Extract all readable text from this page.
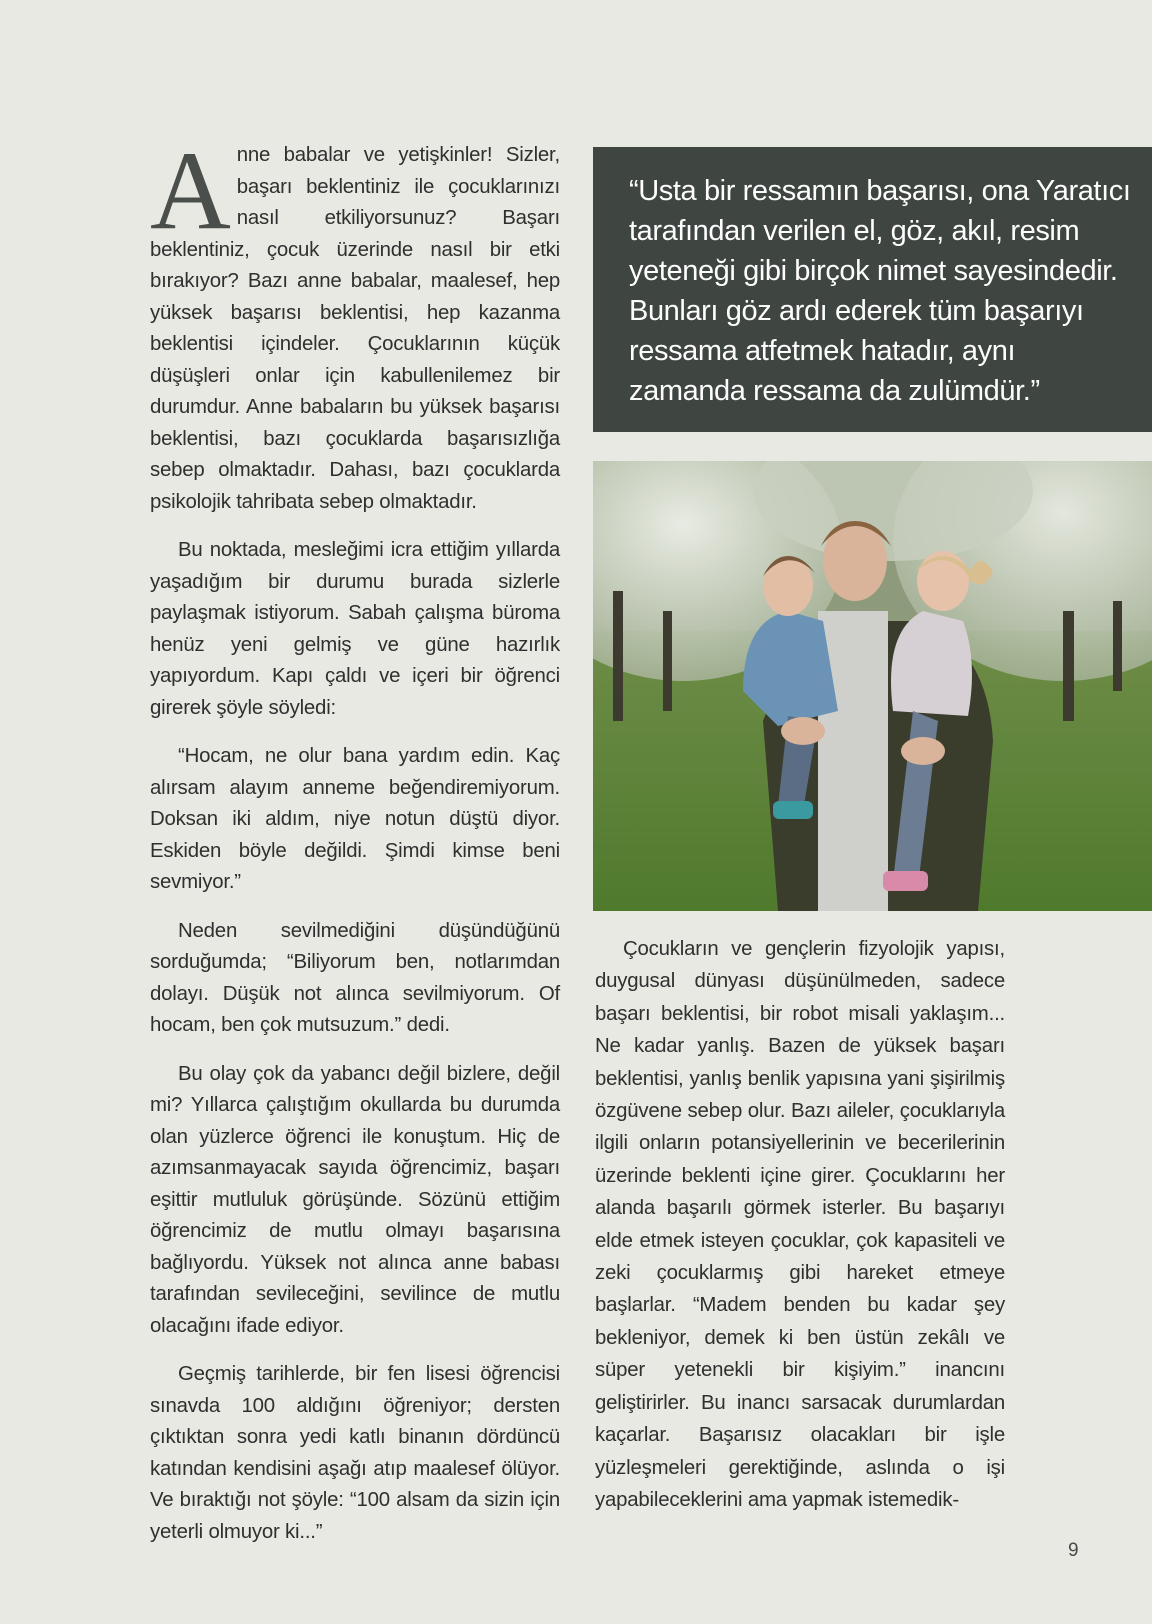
Anne babalar ve yetişkinler! Sizler, başarı beklentiniz ile çocuklarınızı nasıl etkiliyorsunuz? Başarı beklentiniz, çocuk üzerinde nasıl bir etki bırakıyor? Bazı anne babalar, maalesef, hep yüksek başarısı beklentisi, hep kazanma beklentisi içindeler. Çocuklarının küçük düşüşleri onlar için kabullenilemez bir durumdur. Anne babaların bu yüksek başarısı beklentisi, bazı çocuklarda başarısızlığa sebep olmaktadır. Dahası, bazı çocuklarda psikolojik tahribata sebep olmaktadır.

Bu noktada, mesleğimi icra ettiğim yıllarda yaşadığım bir durumu burada sizlerle paylaşmak istiyorum. Sabah çalışma büroma henüz yeni gelmiş ve güne hazırlık yapıyordum. Kapı çaldı ve içeri bir öğrenci girerek şöyle söyledi:

“Hocam, ne olur bana yardım edin. Kaç alırsam alayım anneme beğendiremiyorum. Doksan iki aldım, niye notun düştü diyor. Eskiden böyle değildi. Şimdi kimse beni sevmiyor.”

Neden sevilmediğini düşündüğünü sorduğumda; “Biliyorum ben, notlarımdan dolayı. Düşük not alınca sevilmiyorum. Of hocam, ben çok mutsuzum.” dedi.

Bu olay çok da yabancı değil bizlere, değil mi? Yıllarca çalıştığım okullarda bu durumda olan yüzlerce öğrenci ile konuştum. Hiç de azımsanmayacak sayıda öğrencimiz, başarı eşittir mutluluk görüşünde. Sözünü ettiğim öğrencimiz de mutlu olmayı başarısına bağlıyordu. Yüksek not alınca anne babası tarafından sevileceğini, sevilince de mutlu olacağını ifade ediyor.

Geçmiş tarihlerde, bir fen lisesi öğrencisi sınavda 100 aldığını öğreniyor; dersten çıktıktan sonra yedi katlı binanın dördüncü katından kendisini aşağı atıp maalesef ölüyor. Ve bıraktığı not şöyle: “100 alsam da sizin için yeterli olmuyor ki...”

“Usta bir ressamın başarısı, ona Yaratıcı tarafından verilen el, göz, akıl, resim yeteneği gibi birçok nimet sayesindedir. Bunları göz ardı ederek tüm başarıyı ressama atfetmek hatadır, aynı zamanda ressama da zulümdür.”

Çocukların ve gençlerin fizyolojik yapısı, duygusal dünyası düşünülmeden, sadece başarı beklentisi, bir robot misali yaklaşım... Ne kadar yanlış. Bazen de yüksek başarı beklentisi, yanlış benlik yapısına yani şişirilmiş özgüvene sebep olur. Bazı aileler, çocuklarıyla ilgili onların potansiyellerinin ve becerilerinin üzerinde beklenti içine girer. Çocuklarını her alanda başarılı görmek isterler. Bu başarıyı elde etmek isteyen çocuklar, çok kapasiteli ve zeki çocuklarmış gibi hareket etmeye başlarlar. “Madem benden bu kadar şey bekleniyor, demek ki ben üstün zekâlı ve süper yetenekli bir kişiyim.” inancını geliştirirler. Bu inancı sarsacak durumlardan kaçarlar. Başarısız olacakları bir işle yüzleşmeleri gerektiğinde, aslında o işi yapabileceklerini ama yapmak istemedik-

9
